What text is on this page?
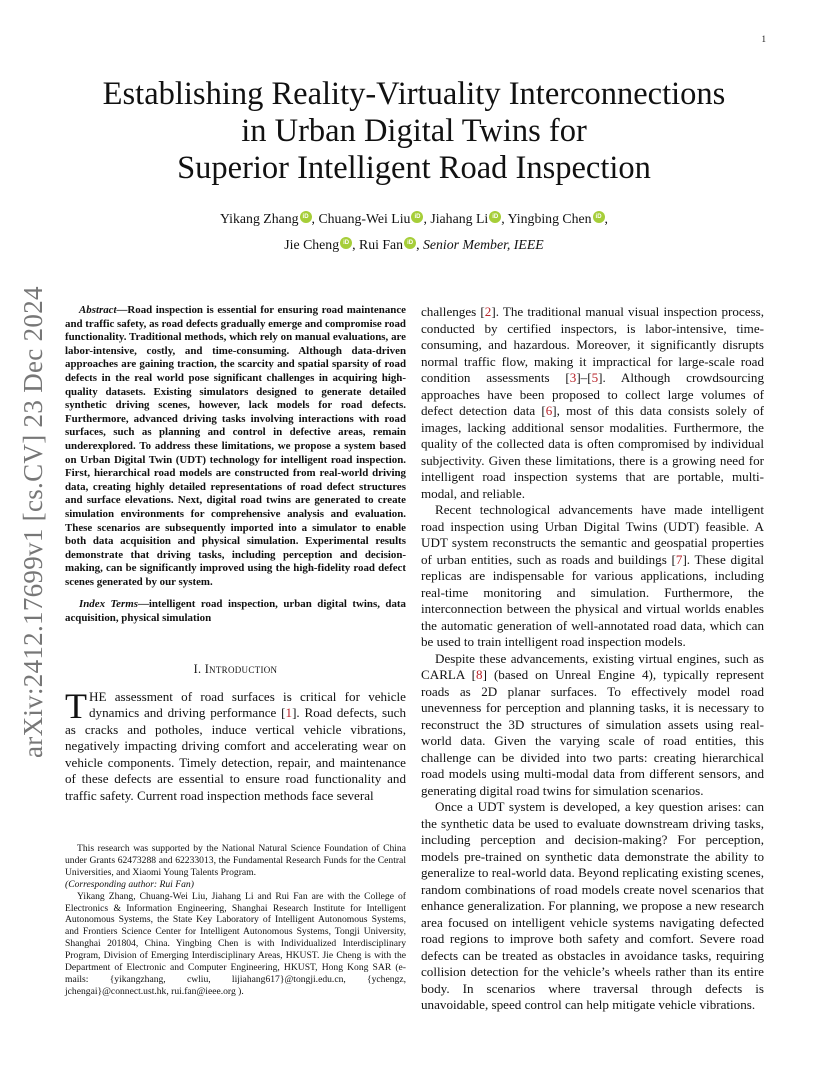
1
arXiv:2412.17699v1 [cs.CV] 23 Dec 2024
Establishing Reality-Virtuality Interconnections
in Urban Digital Twins for
Superior Intelligent Road Inspection
Yikang Zhang iD , Chuang-Wei Liu iD , Jiahang Li iD , Yingbing Chen iD ,
Jie Cheng iD , Rui Fan iD , Senior Member, IEEE

Abstract—Road inspection is essential for ensuring road maintenance and traffic safety, as road defects gradually emerge and compromise road functionality. Traditional methods, which rely on manual evaluations, are labor-intensive, costly, and time-consuming. Although data-driven approaches are gaining traction, the scarcity and spatial sparsity of road defects in the real world pose significant challenges in acquiring high-quality datasets. Existing simulators designed to generate detailed synthetic driving scenes, however, lack models for road defects. Furthermore, advanced driving tasks involving interactions with road surfaces, such as planning and control in defective areas, remain underexplored. To address these limitations, we propose a system based on Urban Digital Twin (UDT) technology for intelligent road inspection. First, hierarchical road models are constructed from real-world driving data, creating highly detailed representations of road defect structures and surface elevations. Next, digital road twins are generated to create simulation environments for comprehensive analysis and evaluation. These scenarios are subsequently imported into a simulator to enable both data acquisition and physical simulation. Experimental results demonstrate that driving tasks, including perception and decision-making, can be significantly improved using the high-fidelity road defect scenes generated by our system.

Index Terms—intelligent road inspection, urban digital twins, data acquisition, physical simulation

I. Introduction

THE assessment of road surfaces is critical for vehicle dynamics and driving performance [1]. Road defects, such as cracks and potholes, induce vertical vehicle vibrations, negatively impacting driving comfort and accelerating wear on vehicle components. Timely detection, repair, and maintenance of these defects are essential to ensure road functionality and traffic safety. Current road inspection methods face several

challenges [2]. The traditional manual visual inspection process, conducted by certified inspectors, is labor-intensive, time-consuming, and hazardous. Moreover, it significantly disrupts normal traffic flow, making it impractical for large-scale road condition assessments [3]–[5]. Although crowdsourcing approaches have been proposed to collect large volumes of defect detection data [6], most of this data consists solely of images, lacking additional sensor modalities. Furthermore, the quality of the collected data is often compromised by individual subjectivity. Given these limitations, there is a growing need for intelligent road inspection systems that are portable, multi-modal, and reliable.

Recent technological advancements have made intelligent road inspection using Urban Digital Twins (UDT) feasible. A UDT system reconstructs the semantic and geospatial properties of urban entities, such as roads and buildings [7]. These digital replicas are indispensable for various applications, including real-time monitoring and simulation. Furthermore, the interconnection between the physical and virtual worlds enables the automatic generation of well-annotated road data, which can be used to train intelligent road inspection models.

Despite these advancements, existing virtual engines, such as CARLA [8] (based on Unreal Engine 4), typically represent roads as 2D planar surfaces. To effectively model road unevenness for perception and planning tasks, it is necessary to reconstruct the 3D structures of simulation assets using real-world data. Given the varying scale of road entities, this challenge can be divided into two parts: creating hierarchical road models using multi-modal data from different sensors, and generating digital road twins for simulation scenarios.

Once a UDT system is developed, a key question arises: can the synthetic data be used to evaluate downstream driving tasks, including perception and decision-making? For perception, models pre-trained on synthetic data demonstrate the ability to generalize to real-world data. Beyond replicating existing scenes, random combinations of road models create novel scenarios that enhance generalization. For planning, we propose a new research area focused on intelligent vehicle systems navigating defected road regions to improve both safety and comfort. Severe road defects can be treated as obstacles in avoidance tasks, requiring collision detection for the vehicle’s wheels rather than its entire body. In scenarios where traversal through defects is unavoidable, speed control can help mitigate vehicle vibrations.

This research was supported by the National Natural Science Foundation of China under Grants 62473288 and 62233013, the Fundamental Research Funds for the Central Universities, and Xiaomi Young Talents Program.

(Corresponding author: Rui Fan)

Yikang Zhang, Chuang-Wei Liu, Jiahang Li and Rui Fan are with the College of Electronics & Information Engineering, Shanghai Research Institute for Intelligent Autonomous Systems, the State Key Laboratory of Intelligent Autonomous Systems, and Frontiers Science Center for Intelligent Autonomous Systems, Tongji University, Shanghai 201804, China. Yingbing Chen is with Individualized Interdisciplinary Program, Division of Emerging Interdisciplinary Areas, HKUST. Jie Cheng is with the Department of Electronic and Computer Engineering, HKUST, Hong Kong SAR (e-mails: {yikangzhang, cwliu, lijiahang617}@tongji.edu.cn, {ychengz, jchengai}@connect.ust.hk, rui.fan@ieee.org ).
